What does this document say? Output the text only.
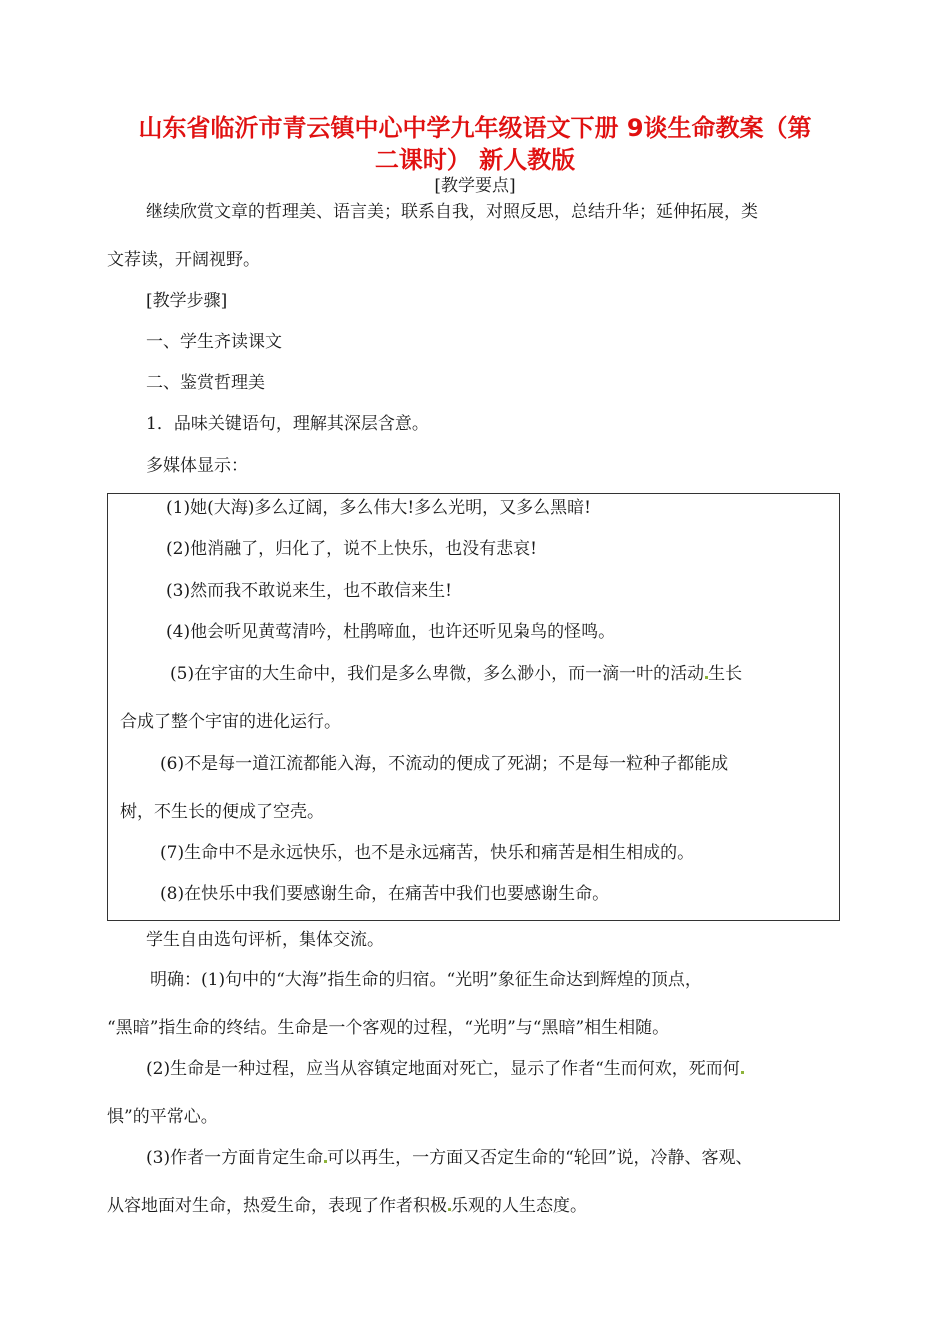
山东省临沂市青云镇中心中学九年级语文下册 9谈生命教案（第
二课时） 新人教版

[教学要点]

继续欣赏文章的哲理美、语言美；联系自我，对照反思，总结升华；延伸拓展，类

文荐读，开阔视野。

[教学步骤]

一、学生齐读课文

二、鉴赏哲理美

1．品味关键语句，理解其深层含意。

多媒体显示：

(1)她(大海)多么辽阔，多么伟大!多么光明，又多么黑暗!

(2)他消融了，归化了，说不上快乐，也没有悲哀!

(3)然而我不敢说来生，也不敢信来生!

(4)他会听见黄莺清吟，杜鹃啼血，也许还听见枭鸟的怪鸣。

(5)在宇宙的大生命中，我们是多么卑微，多么渺小，而一滴一叶的活动 生长

合成了整个宇宙的进化运行。

(6)不是每一道江流都能入海，不流动的便成了死湖；不是每一粒种子都能成

树，不生长的便成了空壳。

(7)生命中不是永远快乐，也不是永远痛苦，快乐和痛苦是相生相成的。

(8)在快乐中我们要感谢生命，在痛苦中我们也要感谢生命。

学生自由选句评析，集体交流。

明确：(1)句中的“大海”指生命的归宿。“光明”象征生命达到辉煌的顶点，

“黑暗”指生命的终结。生命是一个客观的过程，“光明”与“黑暗”相生相随。

(2)生命是一种过程，应当从容镇定地面对死亡，显示了作者“生而何欢，死而何

惧”的平常心。

(3)作者一方面肯定生命 可以再生，一方面又否定生命的“轮回”说，冷静、客观、

从容地面对生命，热爱生命，表现了作者积极 乐观的人生态度。
